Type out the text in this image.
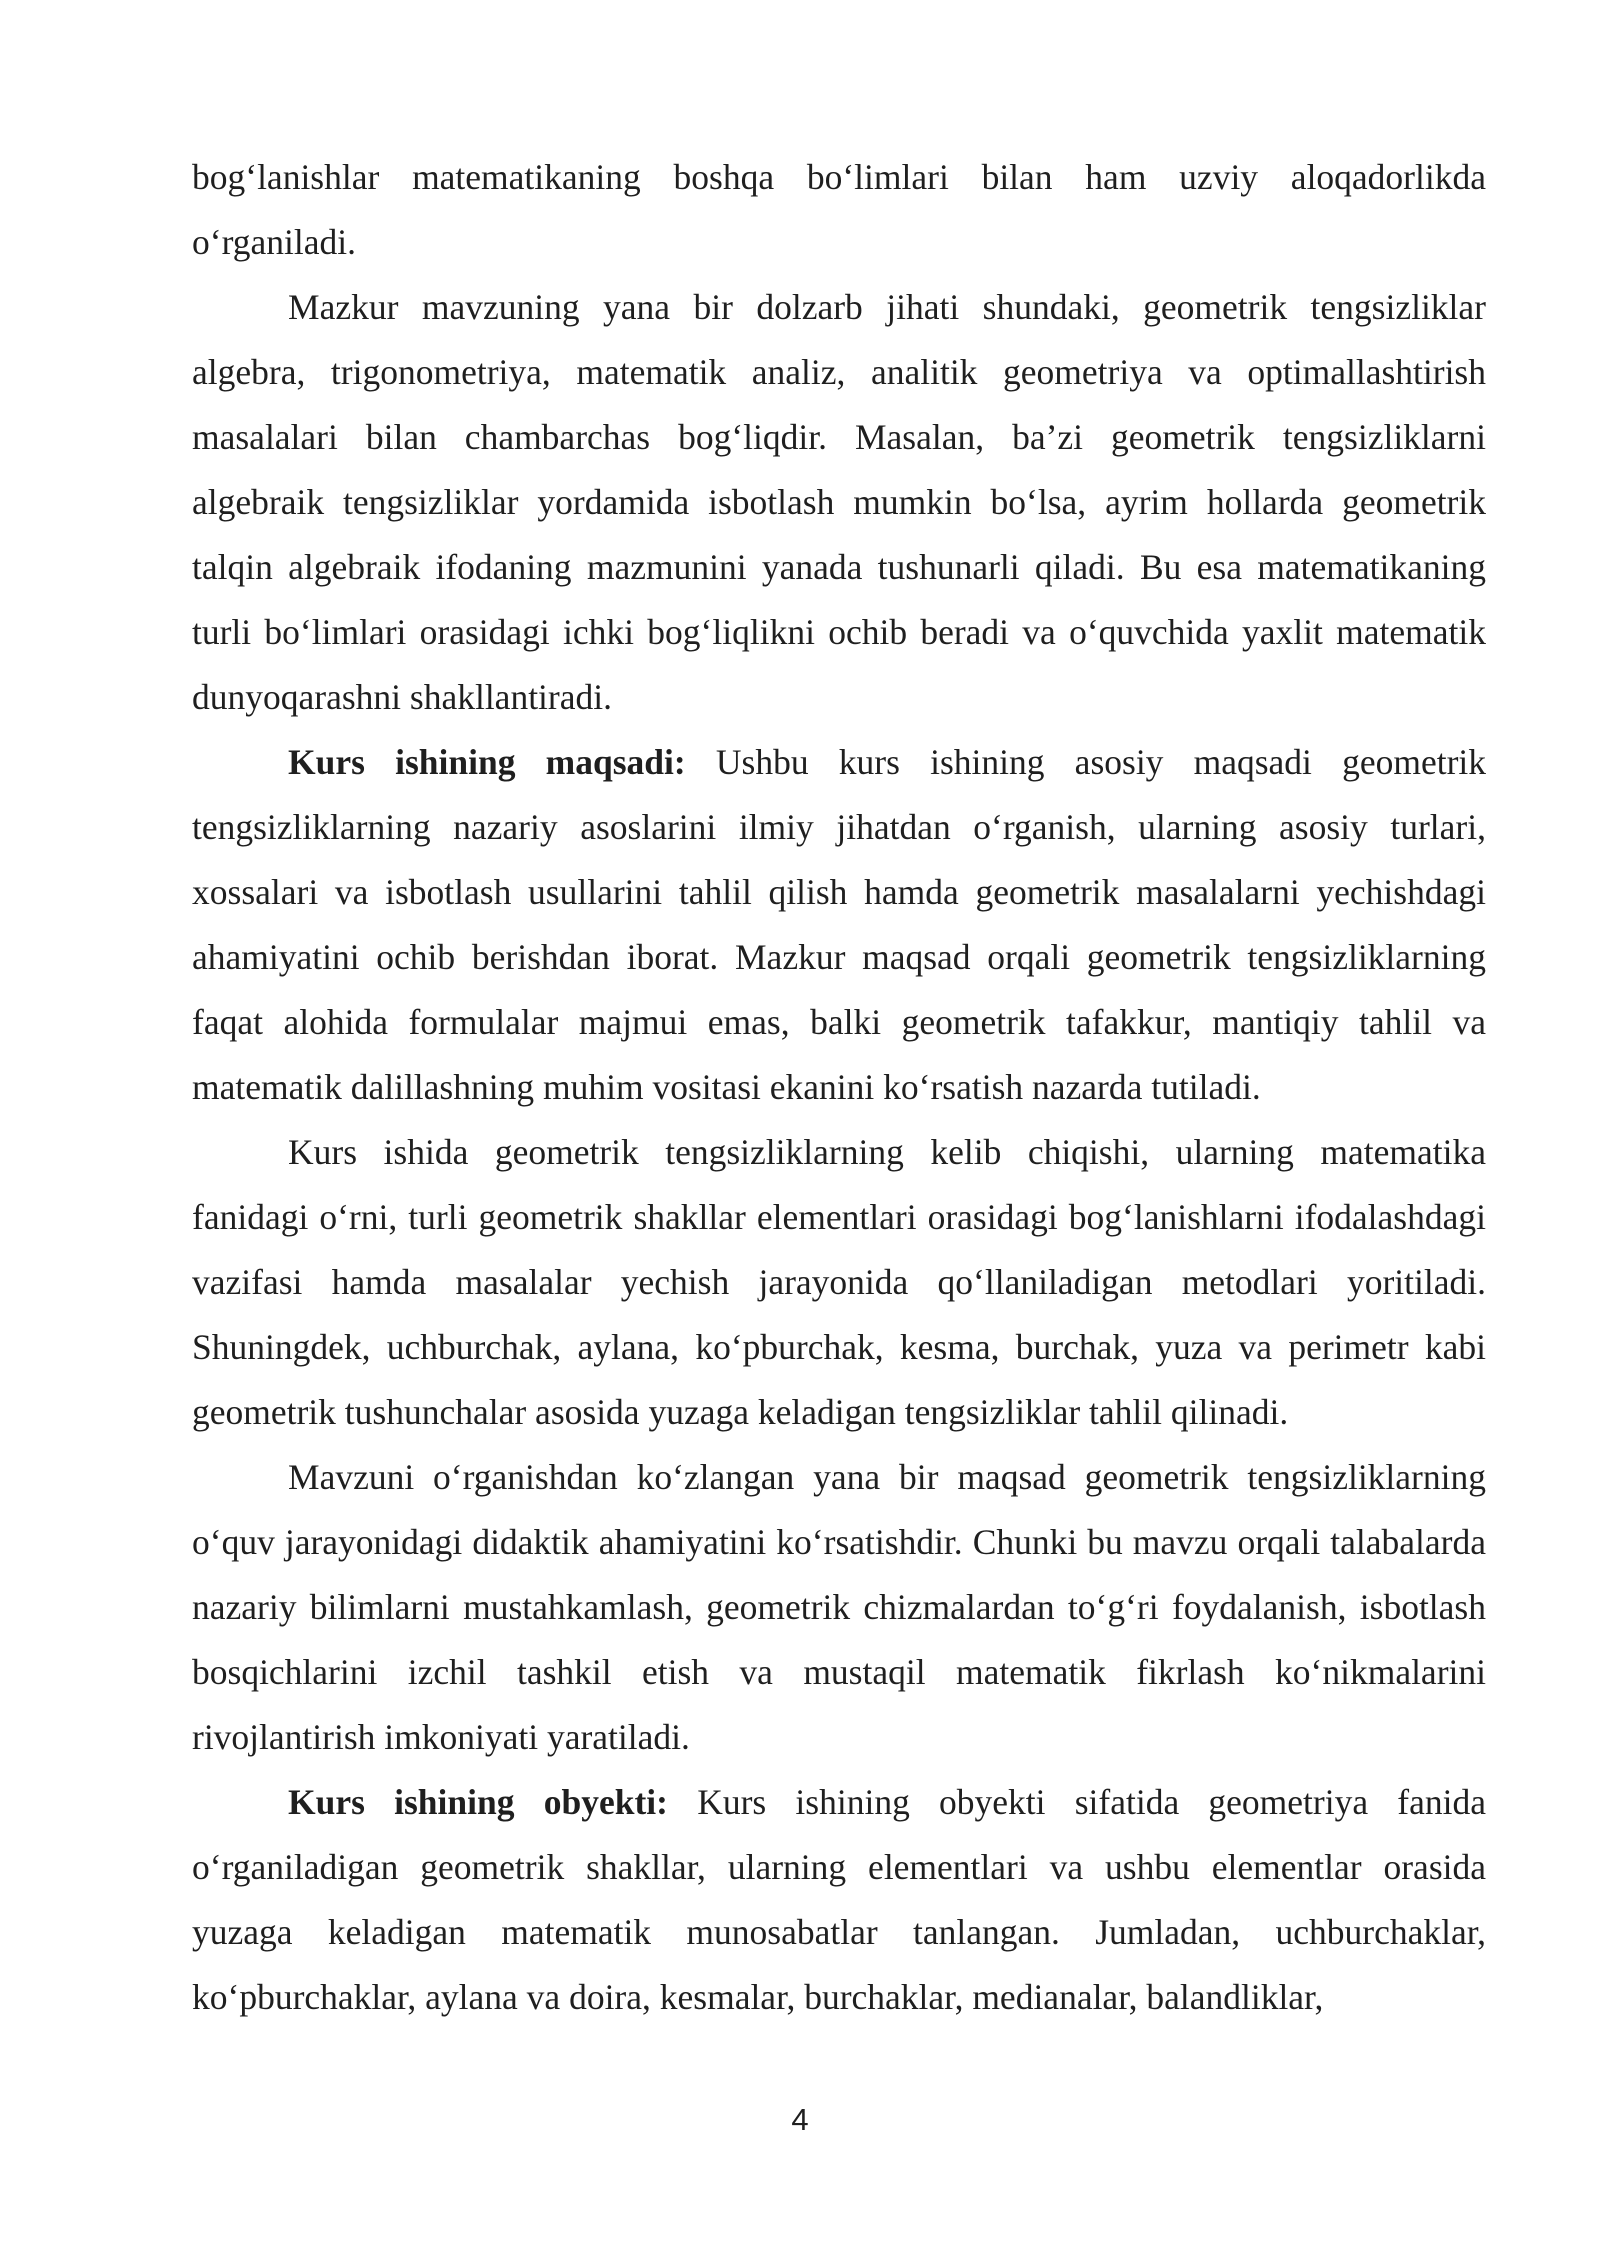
bog‘lanishlar matematikaning boshqa bo‘limlari bilan ham uzviy aloqadorlikda o‘rganiladi.

Mazkur mavzuning yana bir dolzarb jihati shundaki, geometrik tengsizliklar algebra, trigonometriya, matematik analiz, analitik geometriya va optimallashtirish masalalari bilan chambarchas bog‘liqdir. Masalan, ba’zi geometrik tengsizliklarni algebraik tengsizliklar yordamida isbotlash mumkin bo‘lsa, ayrim hollarda geometrik talqin algebraik ifodaning mazmunini yanada tushunarli qiladi. Bu esa matematikaning turli bo‘limlari orasidagi ichki bog‘liqlikni ochib beradi va o‘quvchida yaxlit matematik dunyoqarashni shakllantiradi.

Kurs ishining maqsadi: Ushbu kurs ishining asosiy maqsadi geometrik tengsizliklarning nazariy asoslarini ilmiy jihatdan o‘rganish, ularning asosiy turlari, xossalari va isbotlash usullarini tahlil qilish hamda geometrik masalalarni yechishdagi ahamiyatini ochib berishdan iborat. Mazkur maqsad orqali geometrik tengsizliklarning faqat alohida formulalar majmui emas, balki geometrik tafakkur, mantiqiy tahlil va matematik dalillashning muhim vositasi ekanini ko‘rsatish nazarda tutiladi.

Kurs ishida geometrik tengsizliklarning kelib chiqishi, ularning matematika fanidagi o‘rni, turli geometrik shakllar elementlari orasidagi bog‘lanishlarni ifodalashdagi vazifasi hamda masalalar yechish jarayonida qo‘llaniladigan metodlari yoritiladi. Shuningdek, uchburchak, aylana, ko‘pburchak, kesma, burchak, yuza va perimetr kabi geometrik tushunchalar asosida yuzaga keladigan tengsizliklar tahlil qilinadi.

Mavzuni o‘rganishdan ko‘zlangan yana bir maqsad geometrik tengsizliklarning o‘quv jarayonidagi didaktik ahamiyatini ko‘rsatishdir. Chunki bu mavzu orqali talabalarda nazariy bilimlarni mustahkamlash, geometrik chizmalardan to‘g‘ri foydalanish, isbotlash bosqichlarini izchil tashkil etish va mustaqil matematik fikrlash ko‘nikmalarini rivojlantirish imkoniyati yaratiladi.

Kurs ishining obyekti: Kurs ishining obyekti sifatida geometriya fanida o‘rganiladigan geometrik shakllar, ularning elementlari va ushbu elementlar orasida yuzaga keladigan matematik munosabatlar tanlangan. Jumladan, uchburchaklar, ko‘pburchaklar, aylana va doira, kesmalar, burchaklar, medianalar, balandliklar,

4
